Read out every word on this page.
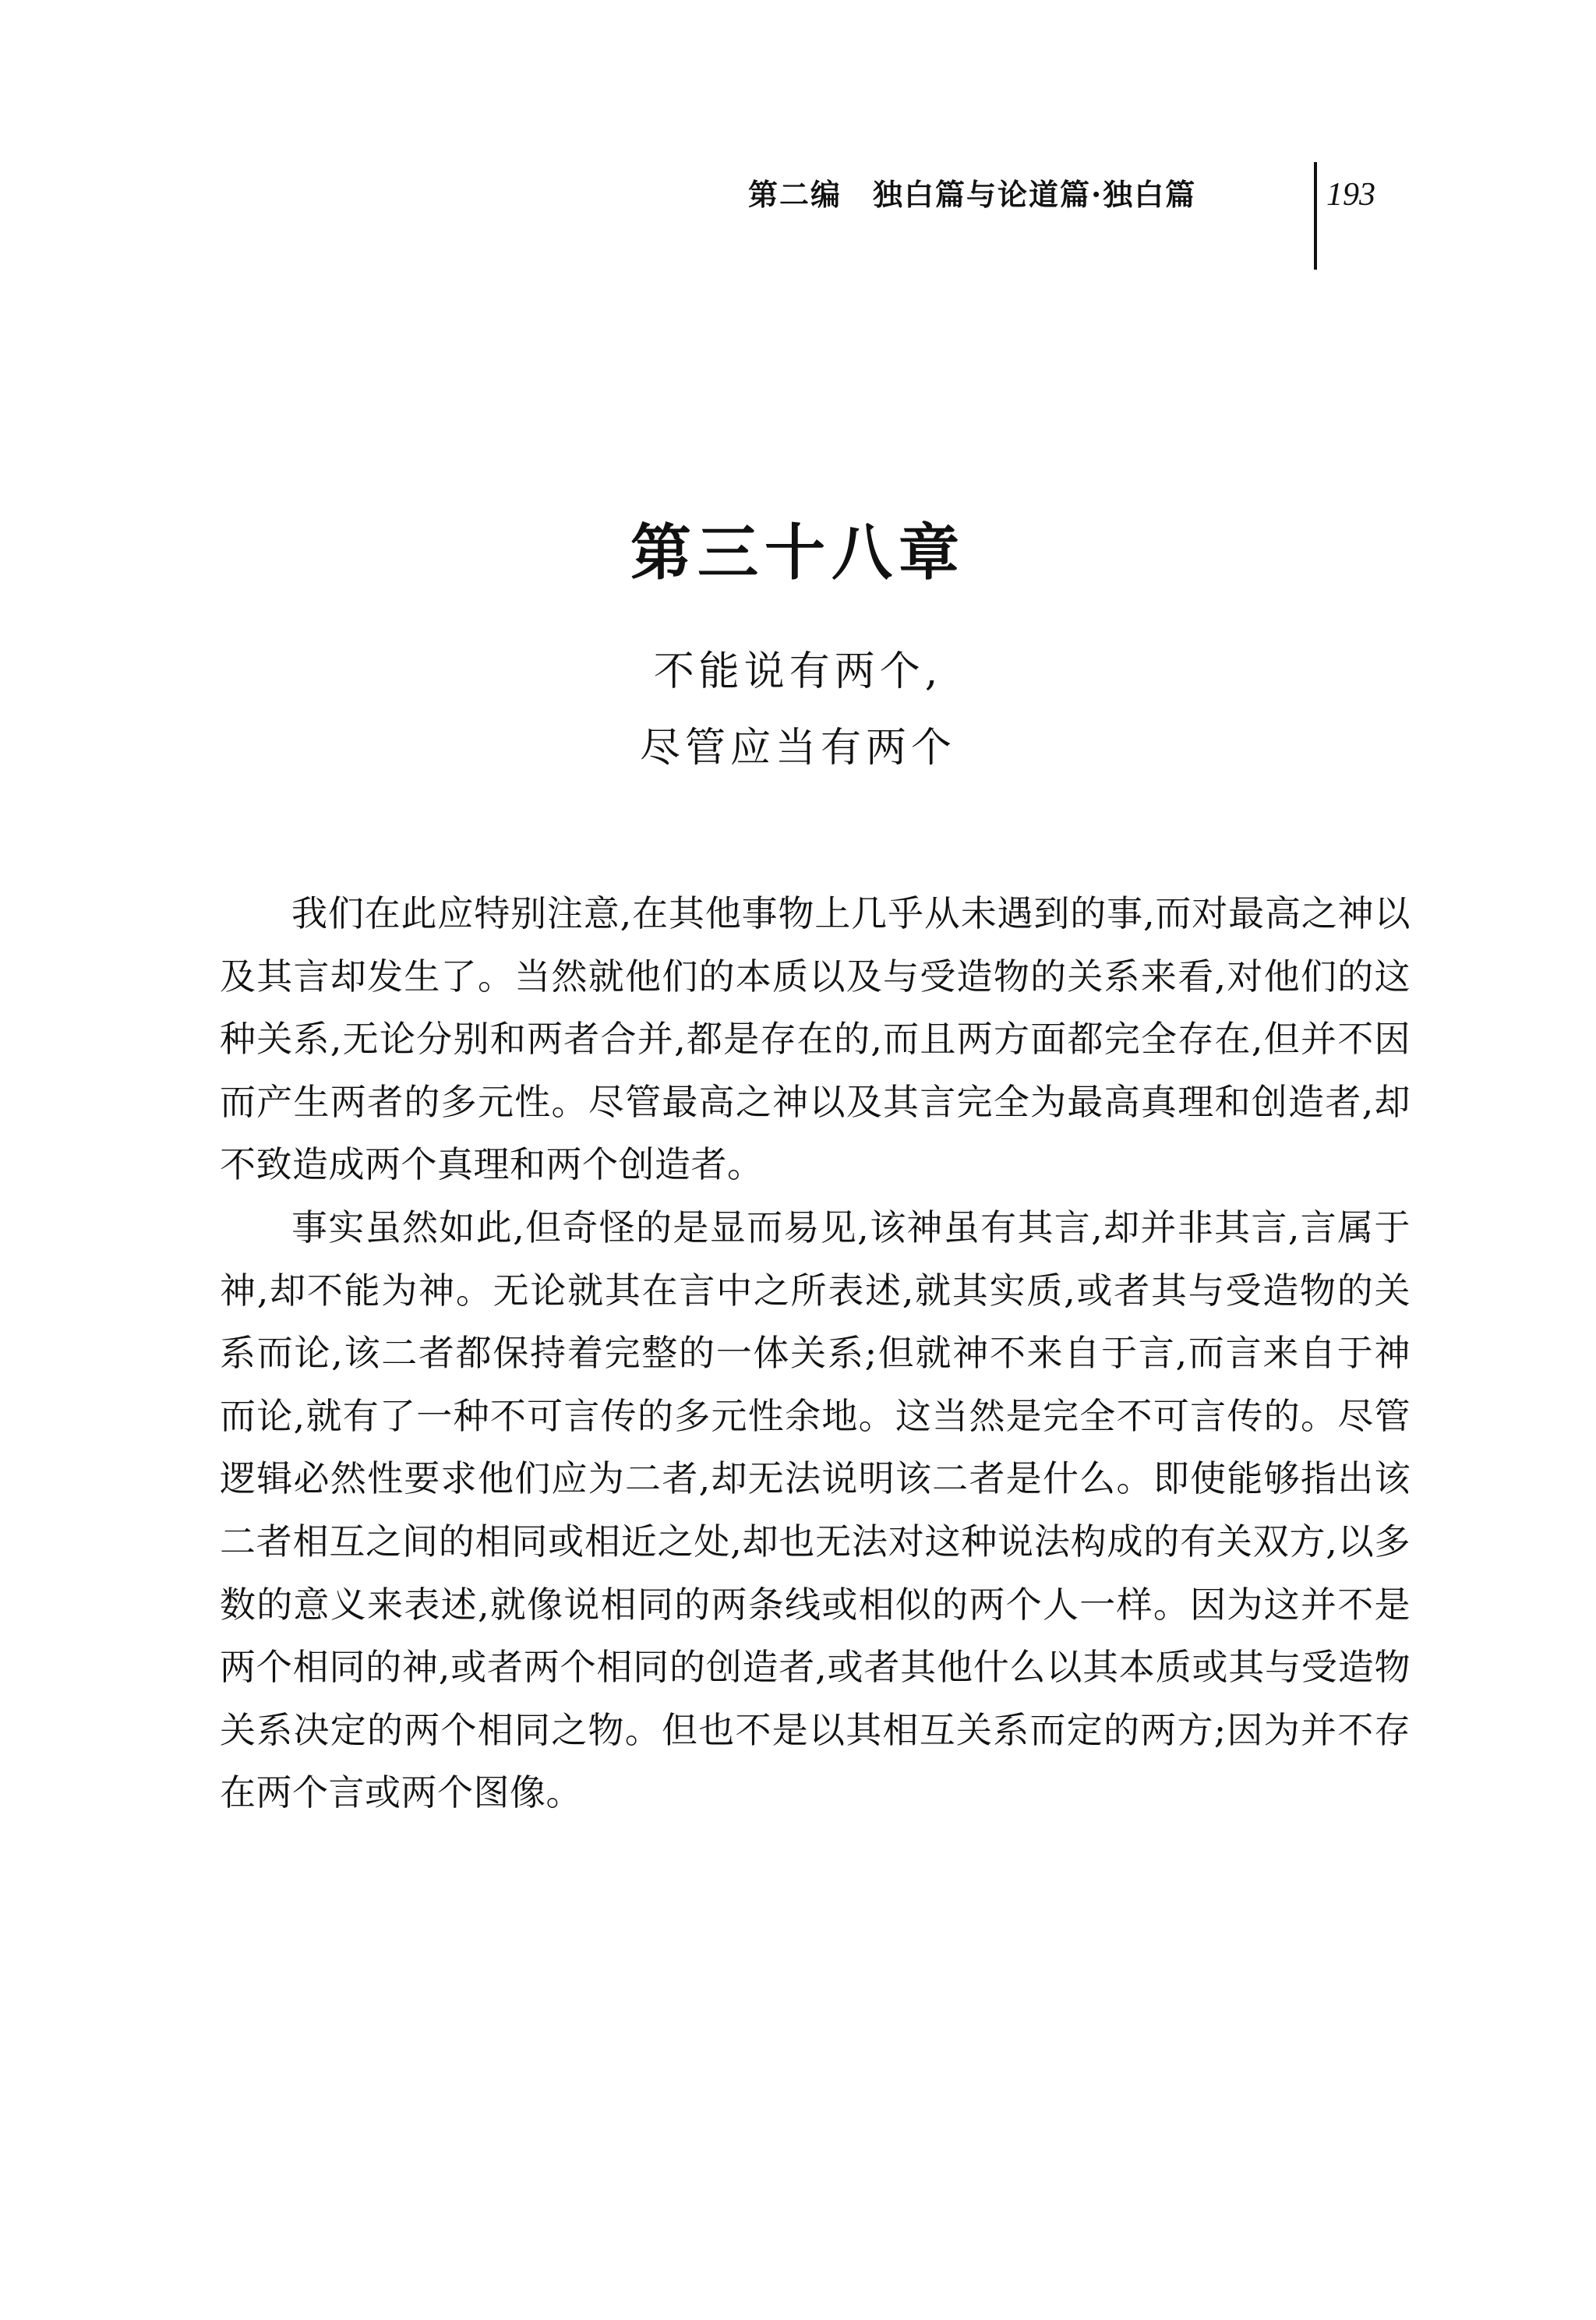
第二编 独白篇与论道篇·独白篇	193
第三十八章
不能说有两个,
尽管应当有两个

我们在此应特别注意,在其他事物上几乎从未遇到的事,而对最高之神以及其言却发生了。当然就他们的本质以及与受造物的关系来看,对他们的这种关系,无论分别和两者合并,都是存在的,而且两方面都完全存在,但并不因而产生两者的多元性。尽管最高之神以及其言完全为最高真理和创造者,却不致造成两个真理和两个创造者。

事实虽然如此,但奇怪的是显而易见,该神虽有其言,却并非其言,言属于神,却不能为神。无论就其在言中之所表述,就其实质,或者其与受造物的关系而论,该二者都保持着完整的一体关系;但就神不来自于言,而言来自于神而论,就有了一种不可言传的多元性余地。这当然是完全不可言传的。尽管逻辑必然性要求他们应为二者,却无法说明该二者是什么。即使能够指出该二者相互之间的相同或相近之处,却也无法对这种说法构成的有关双方,以多数的意义来表述,就像说相同的两条线或相似的两个人一样。因为这并不是两个相同的神,或者两个相同的创造者,或者其他什么以其本质或其与受造物关系决定的两个相同之物。但也不是以其相互关系而定的两方;因为并不存在两个言或两个图像。
